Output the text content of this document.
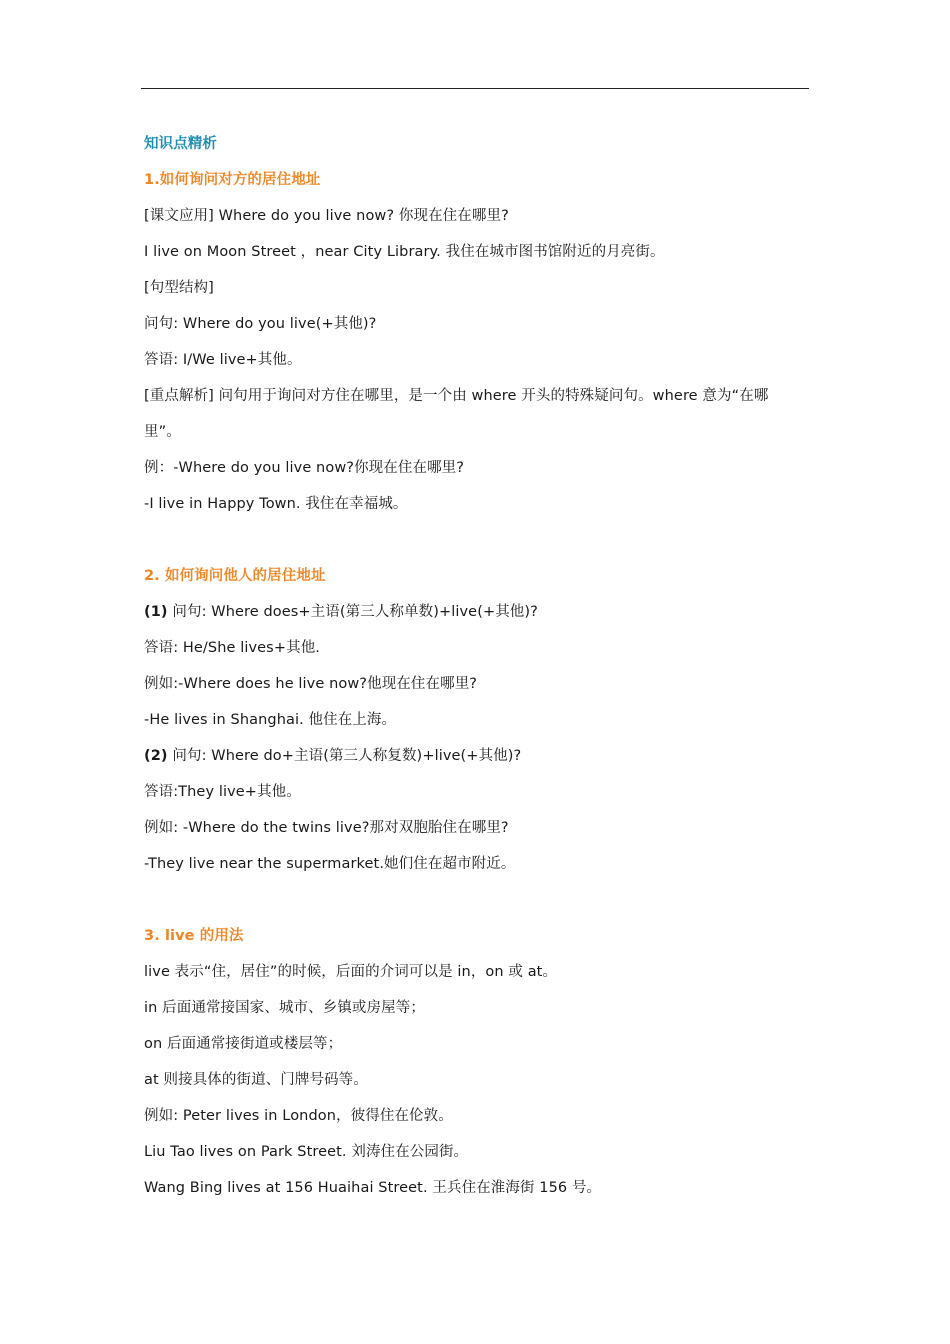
知识点精析
1.如何询问对方的居住地址
[课文应用] Where do you live now? 你现在住在哪里?
I live on Moon Street ，near City Library. 我住在城市图书馆附近的月亮街。
[句型结构]
问句: Where do you live(+其他)?
答语: I/We live+其他。
[重点解析] 问句用于询问对方住在哪里，是一个由 where 开头的特殊疑问句。where 意为“在哪
里”。
例：-Where do you live now?你现在住在哪里?
-I live in Happy Town. 我住在幸福城。
2. 如何询问他人的居住地址
(1) 问句: Where does+主语(第三人称单数)+live(+其他)?
答语: He/She lives+其他.
例如:-Where does he live now?他现在住在哪里?
-He lives in Shanghai. 他住在上海。
(2) 问句: Where do+主语(第三人称复数)+live(+其他)?
答语:They live+其他。
例如: -Where do the twins live?那对双胞胎住在哪里?
-They live near the supermarket.她们住在超市附近。
3. live 的用法
live 表示“住，居住”的时候，后面的介词可以是 in，on 或 at。
in 后面通常接国家、城市、乡镇或房屋等；
on 后面通常接街道或楼层等；
at 则接具体的街道、门牌号码等。
例如: Peter lives in London，彼得住在伦敦。
Liu Tao lives on Park Street. 刘涛住在公园街。
Wang Bing lives at 156 Huaihai Street. 王兵住在淮海街 156 号。
